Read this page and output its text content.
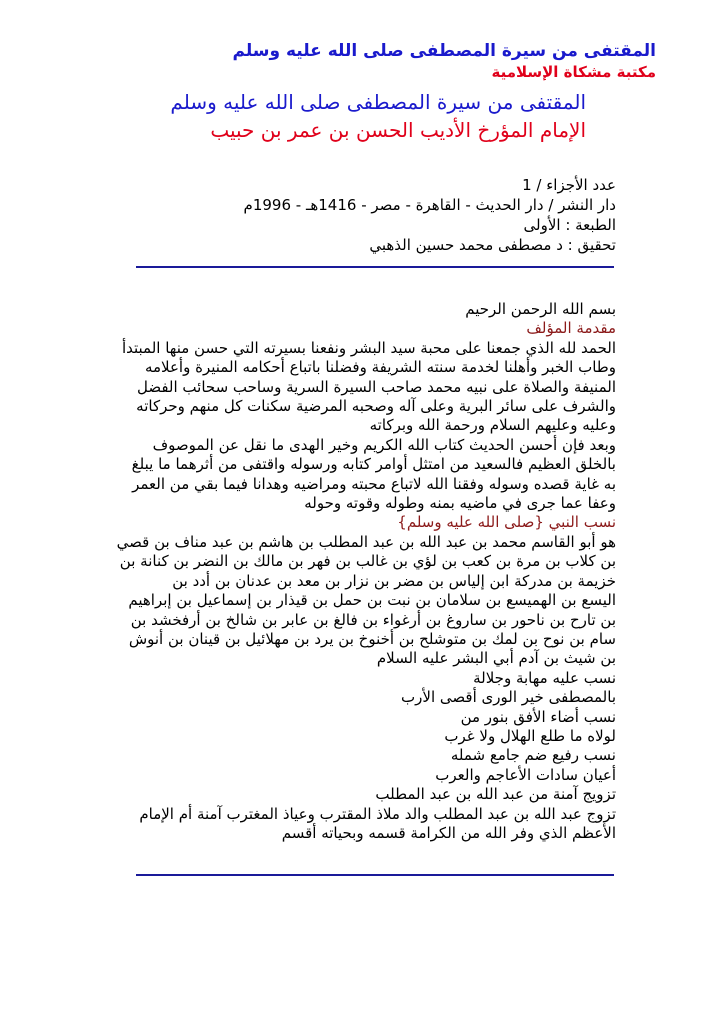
المقتفى من سيرة المصطفى صلى الله عليه وسلم
مكتبة مشكاة الإسلامية
المقتفى من سيرة المصطفى صلى الله عليه وسلم
الإمام المؤرخ الأديب الحسن بن عمر بن حبيب
عدد الأجزاء / 1
دار النشر / دار الحديث - القاهرة - مصر - 1416هـ - 1996م
الطبعة : الأولى
تحقيق : د مصطفى محمد حسين الذهبي

بسم الله الرحمن الرحيم

مقدمة المؤلف

الحمد لله الذي جمعنا على محبة سيد البشر ونفعنا بسيرته التي حسن منها المبتدأ وطاب الخبر وأهلنا لخدمة سنته الشريفة وفضلنا باتباع أحكامه المنيرة وأعلامه المنيفة والصلاة على نبيه محمد صاحب السيرة السرية وساحب سحائب الفضل والشرف على سائر البرية وعلى آله وصحبه المرضية سكنات كل منهم وحركاته وعليه وعليهم السلام ورحمة الله وبركاته

وبعد فإن أحسن الحديث كتاب الله الكريم وخير الهدى ما نقل عن الموصوف بالخلق العظيم فالسعيد من امتثل أوامر كتابه ورسوله واقتفى من أثرهما ما يبلغ به غاية قصده وسوله وفقنا الله لاتباع محبته ومراضيه وهدانا فيما بقي من العمر وعفا عما جرى في ماضيه بمنه وطوله وقوته وحوله

نسب النبي {صلى الله عليه وسلم}

هو أبو القاسم محمد بن عبد الله بن عبد المطلب بن هاشم بن عبد مناف بن قصي بن كلاب بن مرة بن كعب بن لؤي بن غالب بن فهر بن مالك بن النضر بن كنانة بن خزيمة بن مدركة ابن إلياس بن مضر بن نزار بن معد بن عدنان بن أدد بن

اليسع بن الهميسع بن سلامان بن نبت بن حمل بن قيذار بن إسماعيل بن إبراهيم بن تارح بن ناحور بن ساروغ بن أرغواء بن فالغ بن عابر بن شالخ بن أرفخشد بن سام بن نوح بن لمك بن متوشلح بن أخنوخ بن يرد بن مهلائيل بن قينان بن أنوش بن شيث بن آدم أبي البشر عليه السلام

نسب عليه مهابة وجلالة

بالمصطفى خير الورى أقصى الأرب

نسب أضاء الأفق بنور من

لولاه ما طلع الهلال ولا غرب

نسب رفيع ضم جامع شمله

أعيان سادات الأعاجم والعرب

تزويج آمنة من عبد الله بن عبد المطلب

تزوج عبد الله بن عبد المطلب والد ملاذ المقترب وعياذ المغترب آمنة أم الإمام الأعظم الذي وفر الله من الكرامة قسمه وبحياته أقسم
